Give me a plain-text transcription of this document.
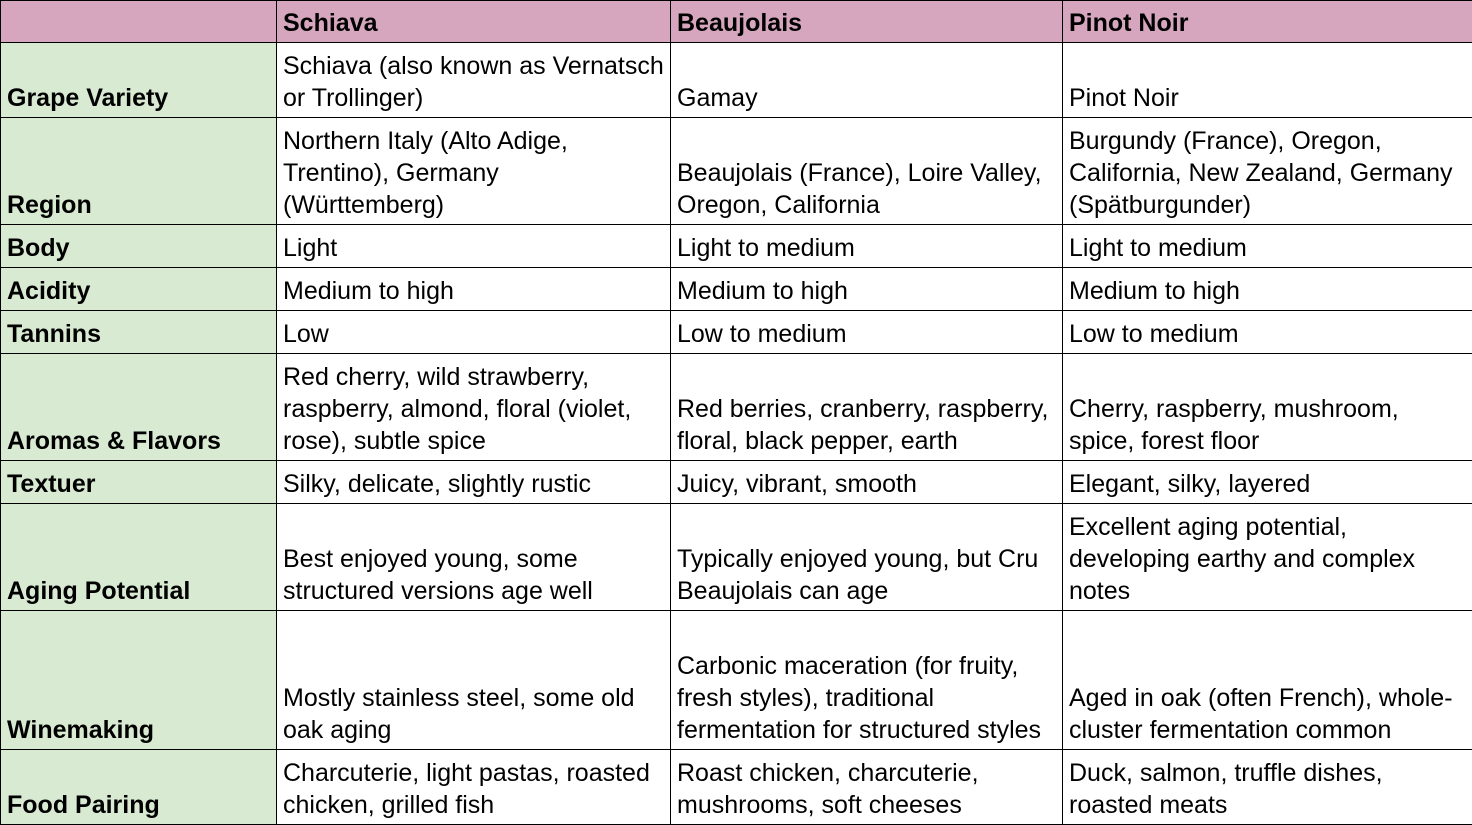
	Schiava	Beaujolais	Pinot Noir
Grape Variety	Schiava (also known as Vernatsch or Trollinger)	Gamay	Pinot Noir
Region	Northern Italy (Alto Adige, Trentino), Germany (Württemberg)	Beaujolais (France), Loire Valley, Oregon, California	Burgundy (France), Oregon, California, New Zealand, Germany (Spätburgunder)
Body	Light	Light to medium	Light to medium
Acidity	Medium to high	Medium to high	Medium to high
Tannins	Low	Low to medium	Low to medium
Aromas & Flavors	Red cherry, wild strawberry, raspberry, almond, floral (violet, rose), subtle spice	Red berries, cranberry, raspberry, floral, black pepper, earth	Cherry, raspberry, mushroom, spice, forest floor
Textuer	Silky, delicate, slightly rustic	Juicy, vibrant, smooth	Elegant, silky, layered
Aging Potential	Best enjoyed young, some structured versions age well	Typically enjoyed young, but Cru Beaujolais can age	Excellent aging potential, developing earthy and complex notes
Winemaking	Mostly stainless steel, some old oak aging	Carbonic maceration (for fruity, fresh styles), traditional fermentation for structured styles	Aged in oak (often French), whole-cluster fermentation common
Food Pairing	Charcuterie, light pastas, roasted chicken, grilled fish	Roast chicken, charcuterie, mushrooms, soft cheeses	Duck, salmon, truffle dishes, roasted meats
